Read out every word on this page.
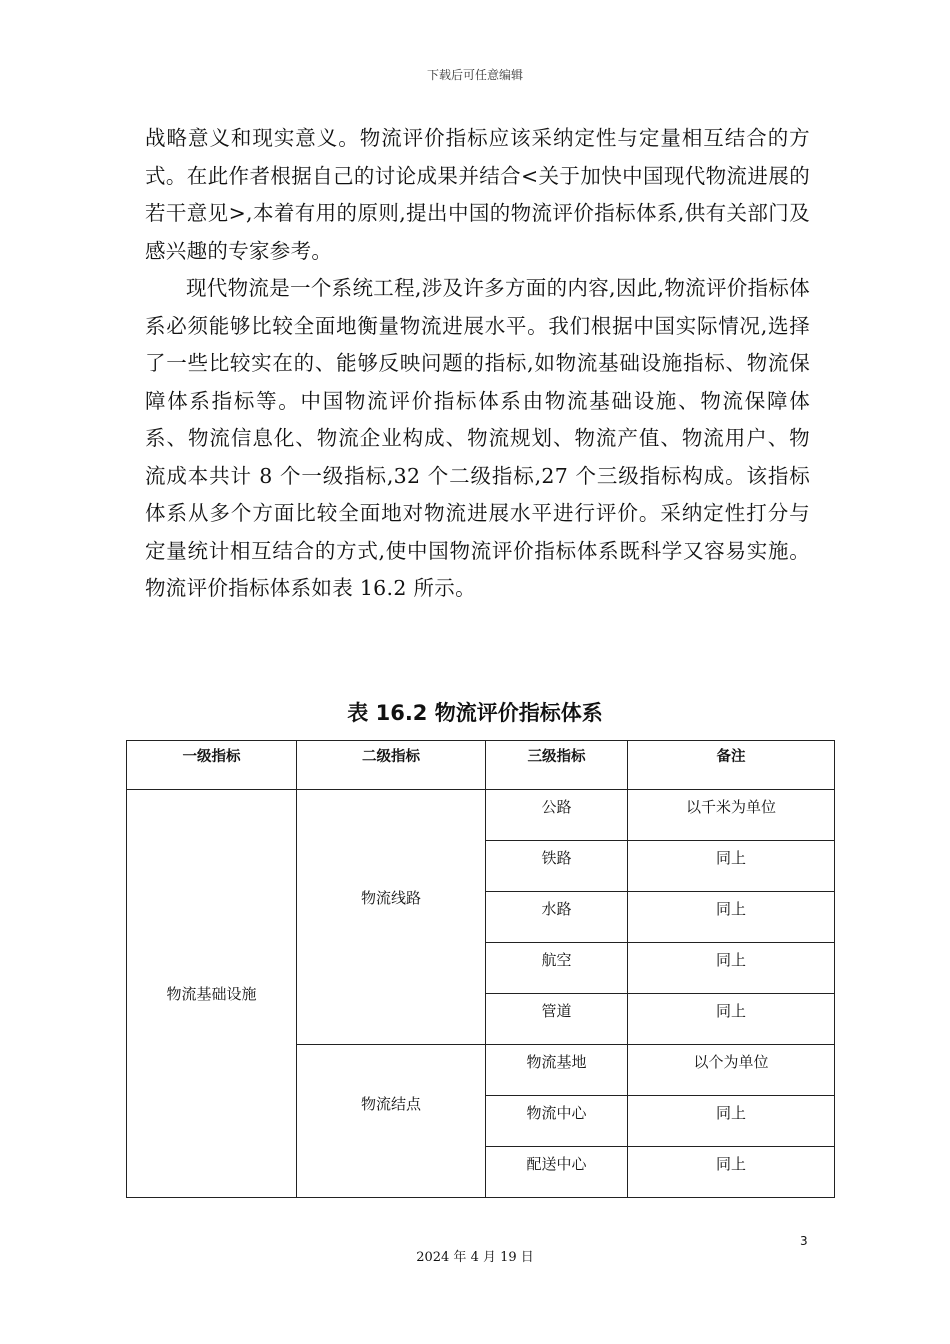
下载后可任意编辑

战略意义和现实意义。物流评价指标应该采纳定性与定量相互结合的方式。在此作者根据自己的讨论成果并结合<关于加快中国现代物流进展的若干意见>,本着有用的原则,提出中国的物流评价指标体系,供有关部门及感兴趣的专家参考。

现代物流是一个系统工程,涉及许多方面的内容,因此,物流评价指标体系必须能够比较全面地衡量物流进展水平。我们根据中国实际情况,选择了一些比较实在的、能够反映问题的指标,如物流基础设施指标、物流保障体系指标等。中国物流评价指标体系由物流基础设施、物流保障体系、物流信息化、物流企业构成、物流规划、物流产值、物流用户、物流成本共计 8 个一级指标,32 个二级指标,27 个三级指标构成。该指标体系从多个方面比较全面地对物流进展水平进行评价。采纳定性打分与定量统计相互结合的方式,使中国物流评价指标体系既科学又容易实施。物流评价指标体系如表 16.2 所示。

表 16.2 物流评价指标体系
一级指标	二级指标	三级指标	备注
物流基础设施	物流线路	公路	以千米为单位
		铁路	同上
		水路	同上
		航空	同上
		管道	同上
	物流结点	物流基地	以个为单位
		物流中心	同上
		配送中心	同上
3
2024 年 4 月 19 日
